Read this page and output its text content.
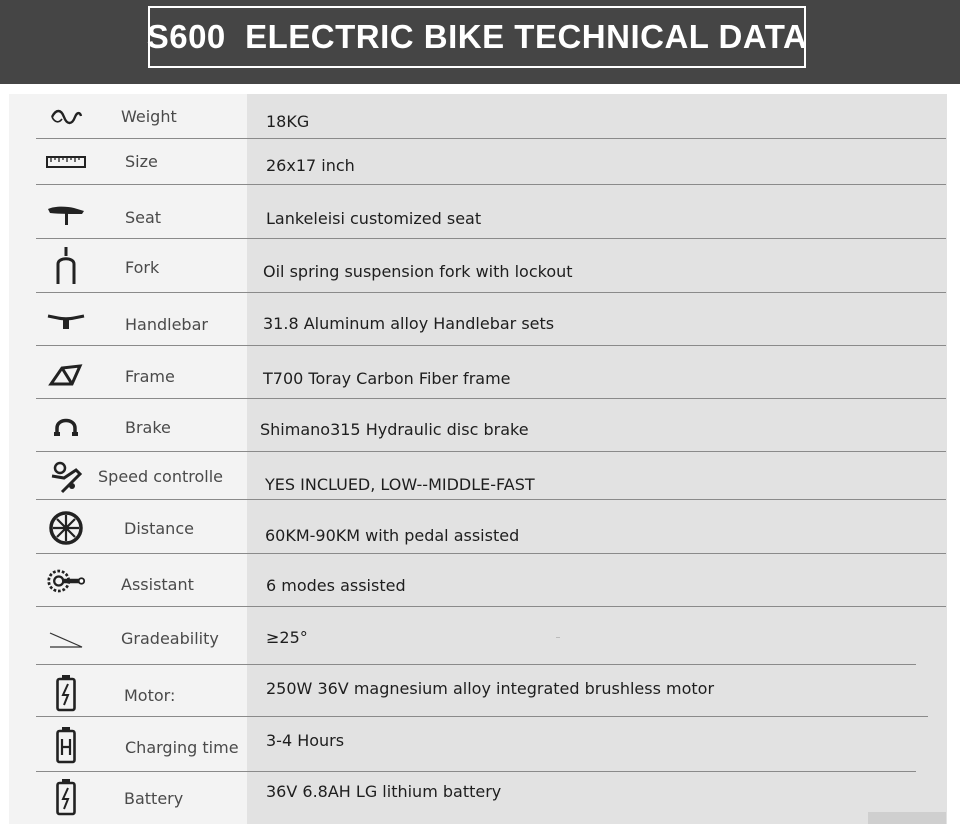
S600  ELECTRIC BIKE TECHNICAL DATA
Weight	18KG
Size	26x17 inch
Seat	Lankeleisi customized seat
Fork	Oil spring suspension fork with lockout
Handlebar	31.8 Aluminum alloy Handlebar sets
Frame	T700 Toray Carbon Fiber frame
Brake	Shimano315 Hydraulic disc brake
Speed controlle	YES INCLUED, LOW--MIDDLE-FAST
Distance	60KM-90KM with pedal assisted
Assistant	6 modes assisted
Gradeability	≥25°
Motor:	250W 36V magnesium alloy integrated brushless motor
Charging time 3-4 Hours
Battery	36V 6.8AH LG lithium battery
